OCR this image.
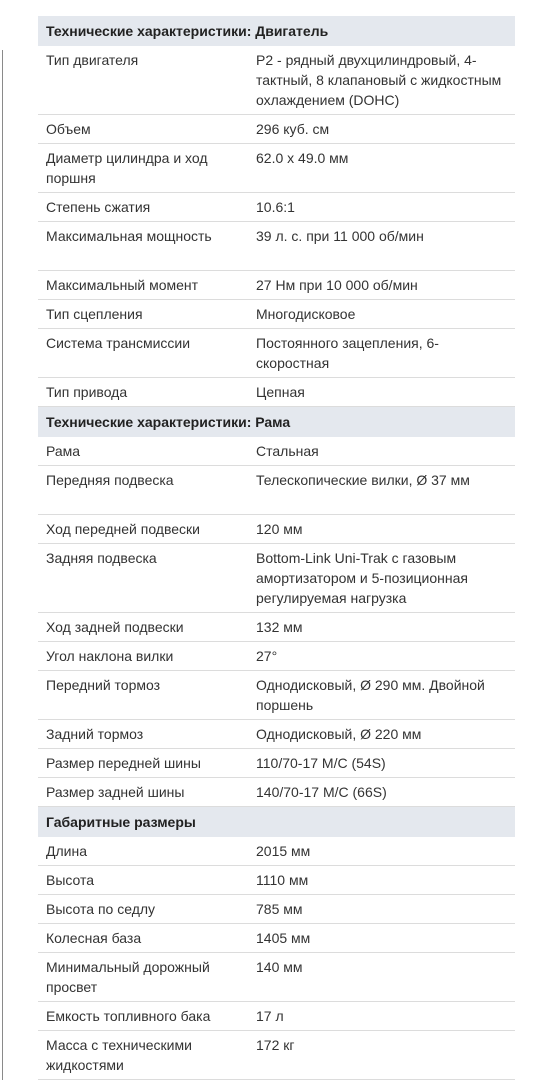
Технические характеристики: Двигатель	
Тип двигателя	P2 - рядный двухцилиндровый, 4-тактный, 8 клапановый с жидкостным охлаждением (DOHC)
Объем	296 куб. см
Диаметр цилиндра и ход поршня	62.0 x 49.0 мм
Степень сжатия	10.6:1
Максимальная мощность	39 л. с. при 11 000 об/мин
Максимальный момент	27 Нм при 10 000 об/мин
Тип сцепления	Многодисковое
Система трансмиссии	Постоянного зацепления, 6-скоростная
Тип привода	Цепная
Технические характеристики: Рама	
Рама	Стальная
Передняя подвеска	Телескопические вилки, Ø 37 мм
Ход передней подвески	120 мм
Задняя подвеска	Bottom-Link Uni-Trak с газовым амортизатором и 5-позиционная регулируемая нагрузка
Ход задней подвески	132 мм
Угол наклона вилки	27°
Передний тормоз	Однодисковый, Ø 290 мм. Двойной поршень
Задний тормоз	Однодисковый, Ø 220 мм
Размер передней шины	110/70-17 M/C (54S)
Размер задней шины	140/70-17 M/C (66S)
Габаритные размеры	
Длина	2015 мм
Высота	1110 мм
Высота по седлу	785 мм
Колесная база	1405 мм
Минимальный дорожный просвет	140 мм
Емкость топливного бака	17 л
Масса с техническими жидкостями	172 кг
